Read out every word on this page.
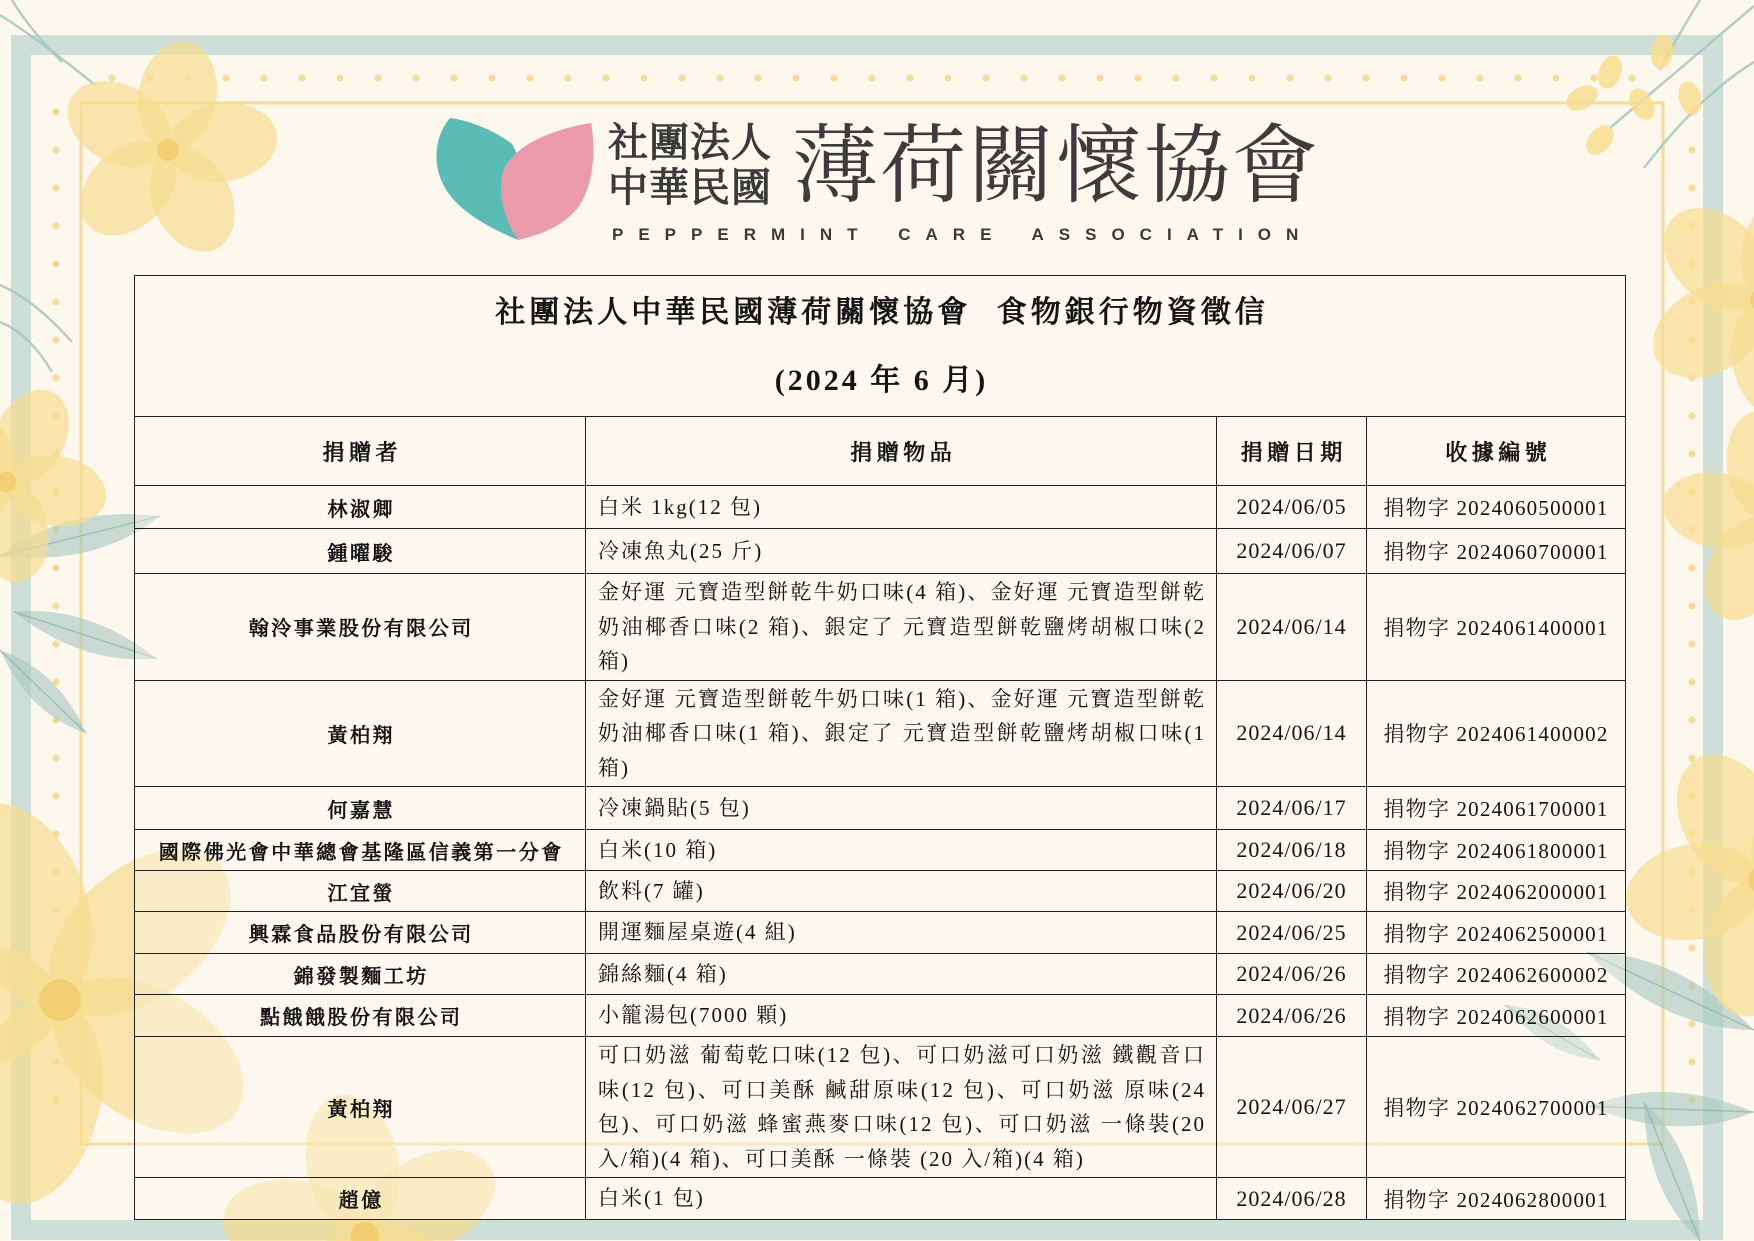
社團法人
中華民國 薄荷關懷協會
PEPPERMINT CARE ASSOCIATION
社團法人中華民國薄荷關懷協會 食物銀行物資徵信
(2024 年 6 月)			

捐贈者	捐贈物品	捐贈日期	收據編號
林淑卿	白米 1kg(12 包)	2024/06/05	捐物字 2024060500001
鍾曜駿	冷凍魚丸(25 斤)	2024/06/07	捐物字 2024060700001
翰泠事業股份有限公司	金好運 元寶造型餅乾牛奶口味(4 箱)、金好運 元寶造型餅乾奶油椰香口味(2 箱)、銀定了 元寶造型餅乾鹽烤胡椒口味(2 箱)	2024/06/14	捐物字 2024061400001
黃柏翔	金好運 元寶造型餅乾牛奶口味(1 箱)、金好運 元寶造型餅乾奶油椰香口味(1 箱)、銀定了 元寶造型餅乾鹽烤胡椒口味(1 箱)	2024/06/14	捐物字 2024061400002
何嘉慧	冷凍鍋貼(5 包)	2024/06/17	捐物字 2024061700001
國際佛光會中華總會基隆區信義第一分會	白米(10 箱)	2024/06/18	捐物字 2024061800001
江宜螢	飲料(7 罐)	2024/06/20	捐物字 2024062000001
興霖食品股份有限公司	開運麵屋桌遊(4 組)	2024/06/25	捐物字 2024062500001
錦發製麵工坊	錦絲麵(4 箱)	2024/06/26	捐物字 2024062600002
點餓餓股份有限公司	小籠湯包(7000 顆)	2024/06/26	捐物字 2024062600001
黃柏翔	可口奶滋 葡萄乾口味(12 包)、可口奶滋可口奶滋 鐵觀音口味(12 包)、可口美酥 鹹甜原味(12 包)、可口奶滋 原味(24 包)、可口奶滋 蜂蜜燕麥口味(12 包)、可口奶滋 一條裝(20 入/箱)(4 箱)、可口美酥 一條裝 (20 入/箱)(4 箱)	2024/06/27	捐物字 2024062700001
趙億	白米(1 包)	2024/06/28	捐物字 2024062800001
